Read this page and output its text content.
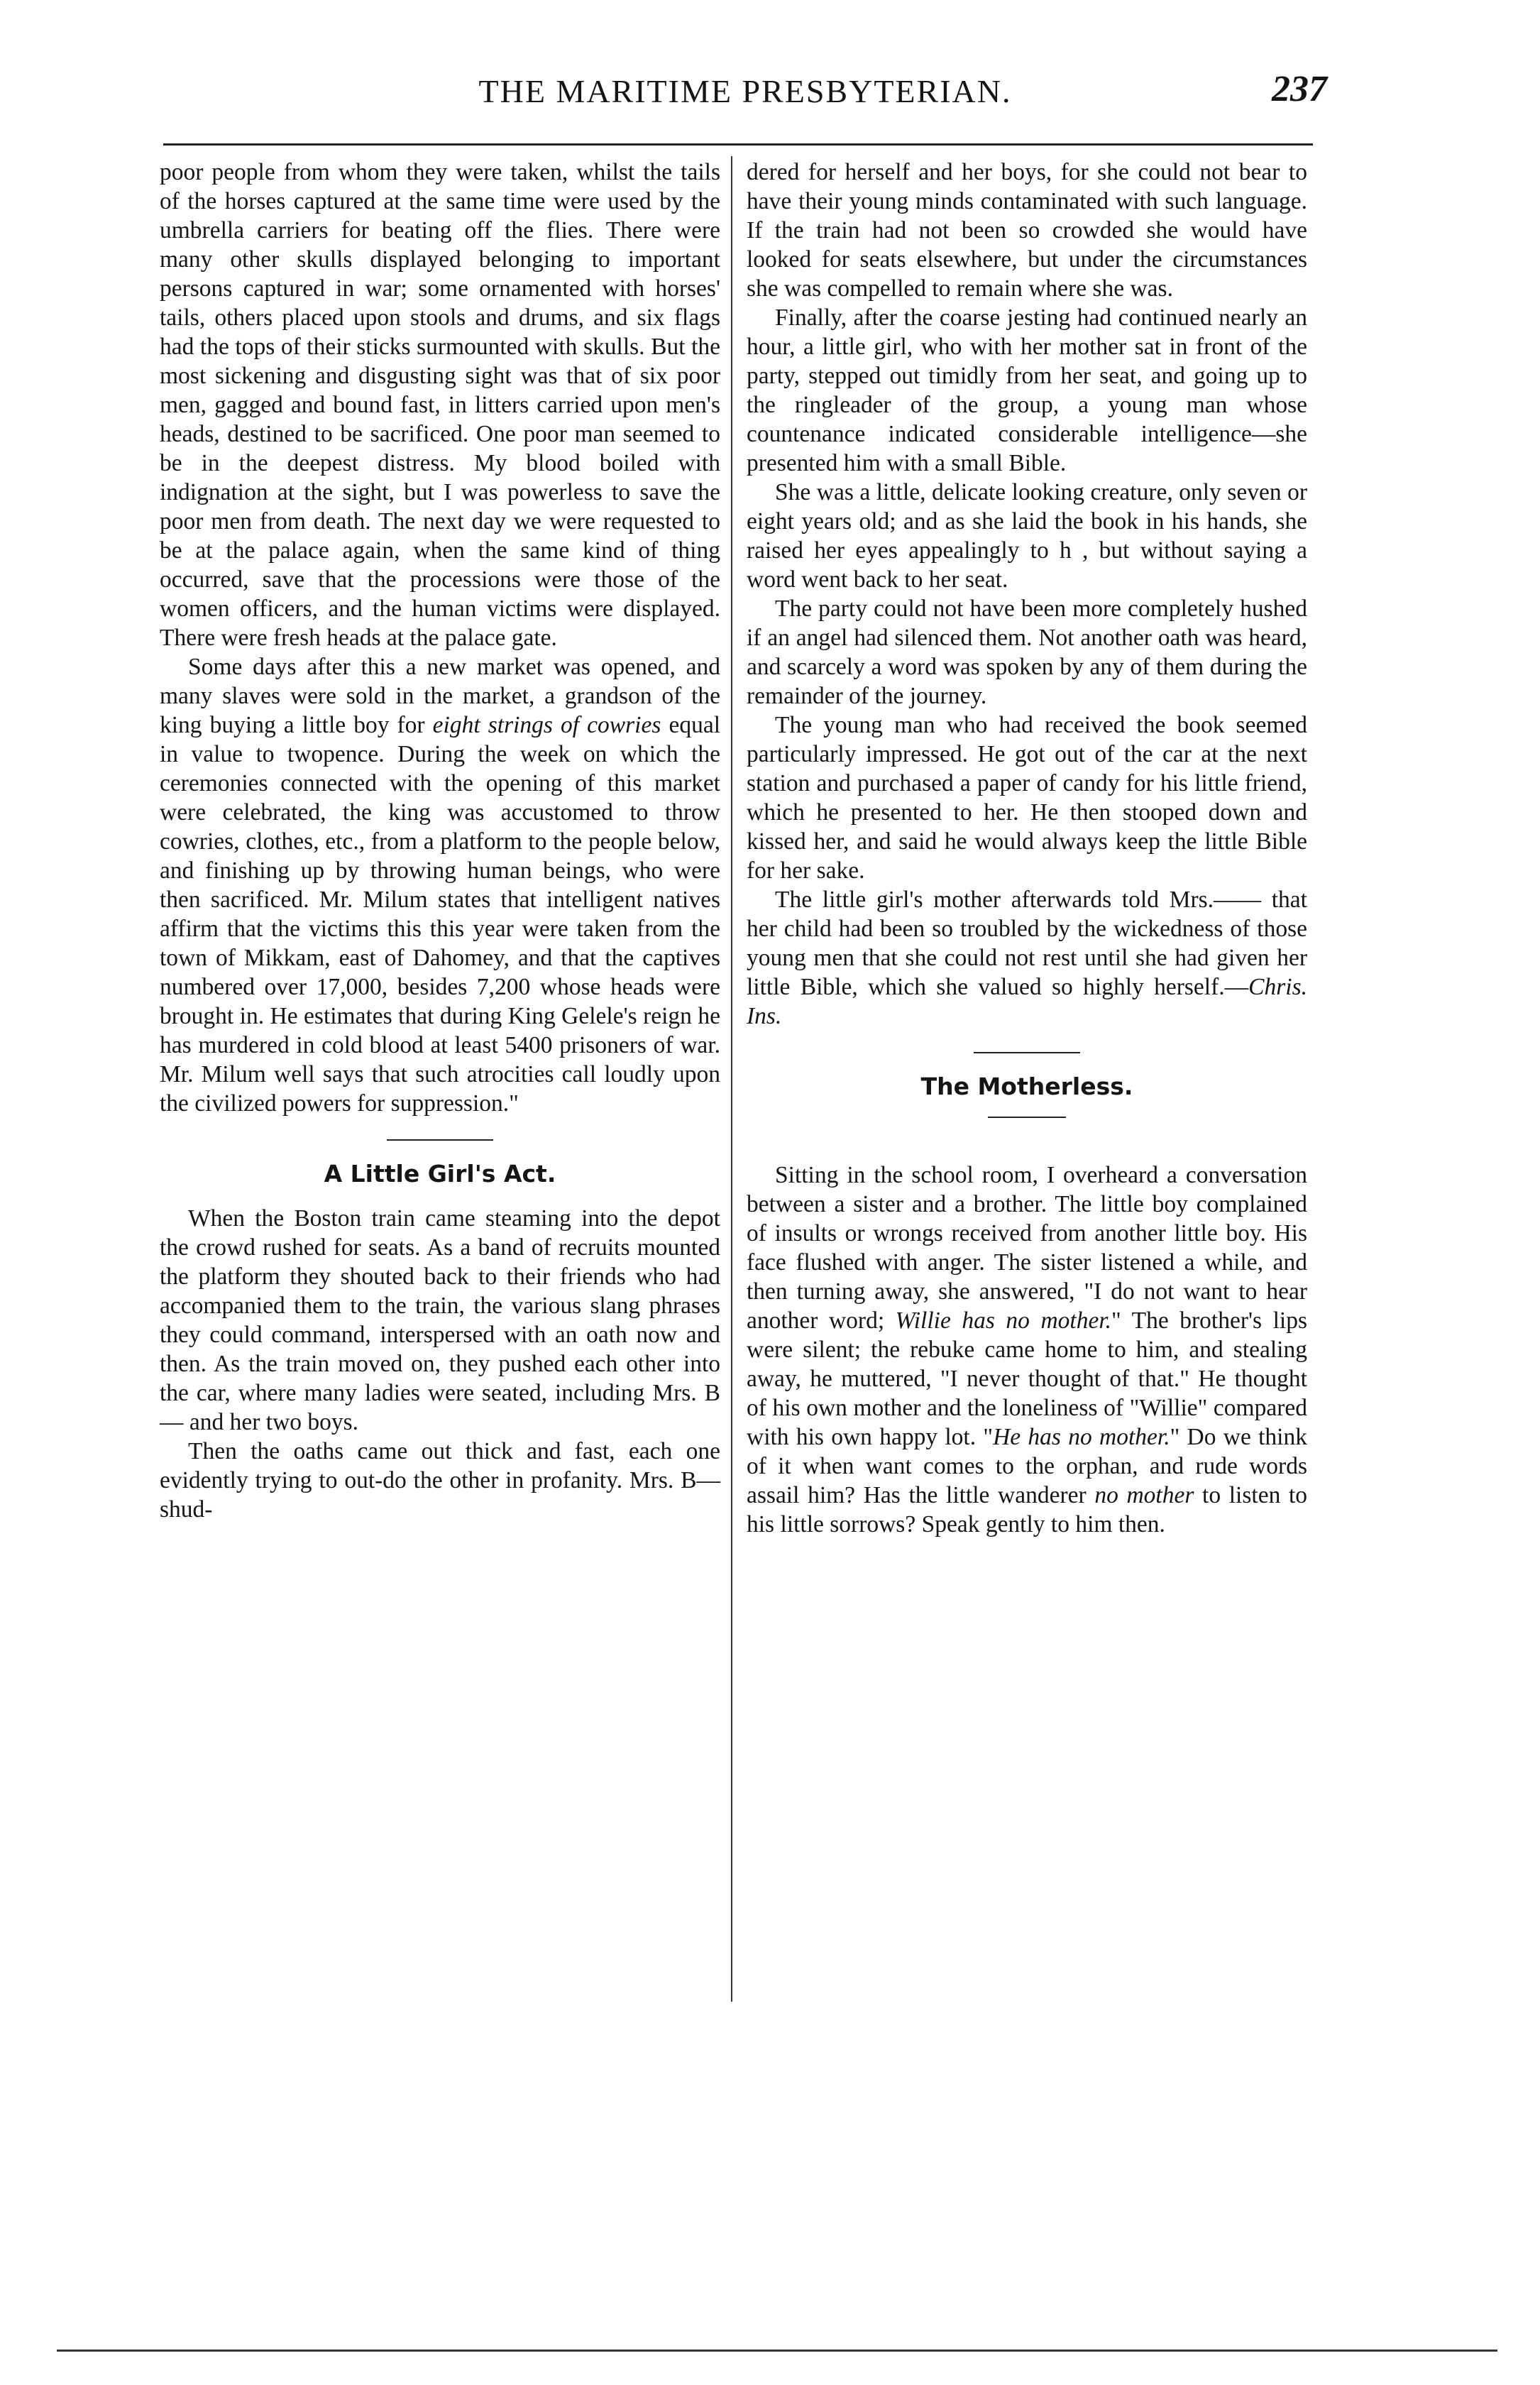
THE MARITIME PRESBYTERIAN.	237

poor people from whom they were taken, whilst the tails of the horses captured at the same time were used by the umbrella carriers for beating off the flies. There were many other skulls displayed belonging to important persons captured in war; some ornamented with horses' tails, others placed upon stools and drums, and six flags had the tops of their sticks surmounted with skulls. But the most sickening and disgusting sight was that of six poor men, gagged and bound fast, in litters carried upon men's heads, destined to be sacrificed. One poor man seemed to be in the deepest distress. My blood boiled with indignation at the sight, but I was powerless to save the poor men from death. The next day we were requested to be at the palace again, when the same kind of thing occurred, save that the processions were those of the women officers, and the human victims were displayed. There were fresh heads at the palace gate.

Some days after this a new market was opened, and many slaves were sold in the market, a grandson of the king buying a little boy for eight strings of cowries equal in value to twopence. During the week on which the ceremonies connected with the opening of this market were celebrated, the king was accustomed to throw cowries, clothes, etc., from a platform to the people below, and finishing up by throwing human beings, who were then sacrificed. Mr. Milum states that intelligent natives affirm that the victims this this year were taken from the town of Mikkam, east of Dahomey, and that the captives numbered over 17,000, besides 7,200 whose heads were brought in. He estimates that during King Gelele's reign he has murdered in cold blood at least 5400 prisoners of war. Mr. Milum well says that such atrocities call loudly upon the civilized powers for suppression."

A Little Girl's Act.

When the Boston train came steaming into the depot the crowd rushed for seats. As a band of recruits mounted the platform they shouted back to their friends who had accompanied them to the train, the various slang phrases they could command, interspersed with an oath now and then. As the train moved on, they pushed each other into the car, where many ladies were seated, including Mrs. B— and her two boys.

Then the oaths came out thick and fast, each one evidently trying to out-do the other in profanity. Mrs. B— shud-

dered for herself and her boys, for she could not bear to have their young minds contaminated with such language. If the train had not been so crowded she would have looked for seats elsewhere, but under the circumstances she was compelled to remain where she was.

Finally, after the coarse jesting had continued nearly an hour, a little girl, who with her mother sat in front of the party, stepped out timidly from her seat, and going up to the ringleader of the group, a young man whose countenance indicated considerable intelligence—she presented him with a small Bible.

She was a little, delicate looking creature, only seven or eight years old; and as she laid the book in his hands, she raised her eyes appealingly to h , but without saying a word went back to her seat.

The party could not have been more completely hushed if an angel had silenced them. Not another oath was heard, and scarcely a word was spoken by any of them during the remainder of the journey.

The young man who had received the book seemed particularly impressed. He got out of the car at the next station and purchased a paper of candy for his little friend, which he presented to her. He then stooped down and kissed her, and said he would always keep the little Bible for her sake.

The little girl's mother afterwards told Mrs.—— that her child had been so troubled by the wickedness of those young men that she could not rest until she had given her little Bible, which she valued so highly herself.—Chris. Ins.

The Motherless.

Sitting in the school room, I overheard a conversation between a sister and a brother. The little boy complained of insults or wrongs received from another little boy. His face flushed with anger. The sister listened a while, and then turning away, she answered, "I do not want to hear another word; Willie has no mother." The brother's lips were silent; the rebuke came home to him, and stealing away, he muttered, "I never thought of that." He thought of his own mother and the loneliness of "Willie" compared with his own happy lot. "He has no mother." Do we think of it when want comes to the orphan, and rude words assail him? Has the little wanderer no mother to listen to his little sorrows? Speak gently to him then.
